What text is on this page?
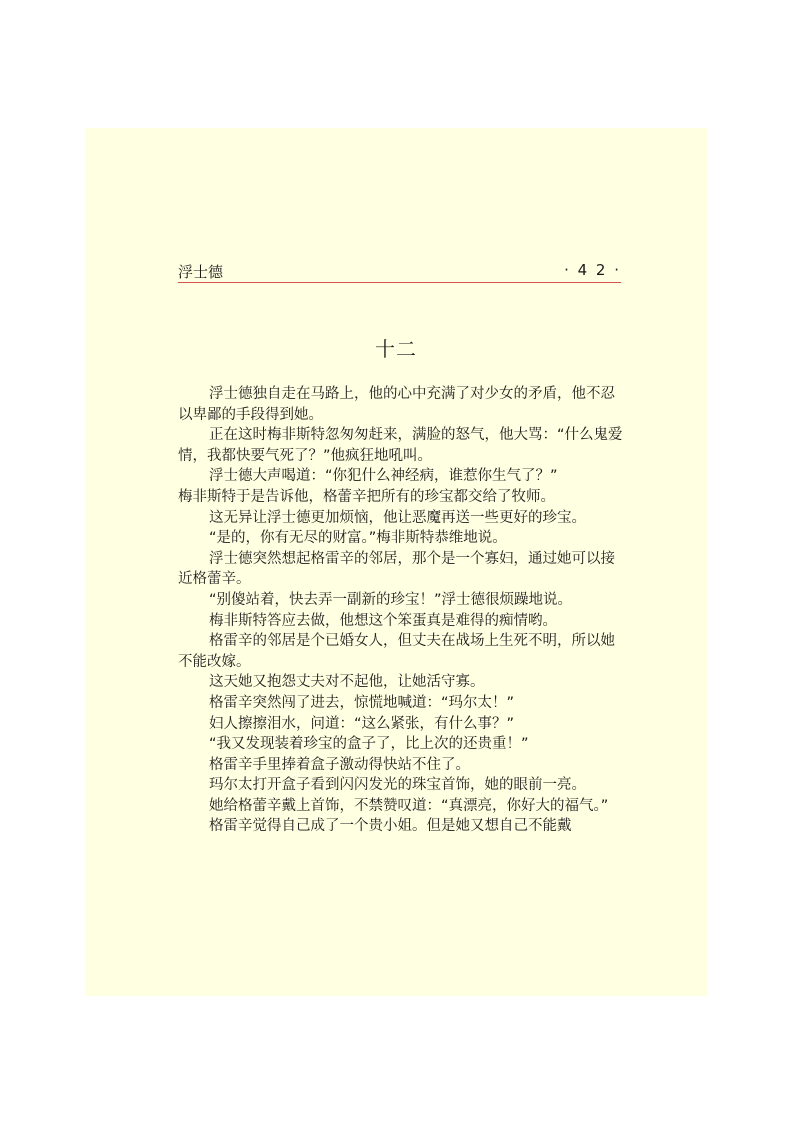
浮士德	· 4 2 ·
十二

浮士德独自走在马路上，他的心中充满了对少女的矛盾，他不忍以卑鄙的手段得到她。

正在这时梅非斯特忽匆匆赶来，满脸的怒气，他大骂：“什么鬼爱情，我都快要气死了？”他疯狂地吼叫。

浮士德大声喝道：“你犯什么神经病，谁惹你生气了？”

梅非斯特于是告诉他，格蕾辛把所有的珍宝都交给了牧师。

这无异让浮士德更加烦恼，他让恶魔再送一些更好的珍宝。

“是的，你有无尽的财富。”梅非斯特恭维地说。

浮士德突然想起格雷辛的邻居，那个是一个寡妇，通过她可以接近格蕾辛。

“别傻站着，快去弄一副新的珍宝！”浮士德很烦躁地说。

梅非斯特答应去做，他想这个笨蛋真是难得的痴情哟。

格雷辛的邻居是个已婚女人，但丈夫在战场上生死不明，所以她不能改嫁。

这天她又抱怨丈夫对不起他，让她活守寡。

格雷辛突然闯了进去，惊慌地喊道：“玛尔太！”

妇人擦擦泪水，问道：“这么紧张，有什么事？”

“我又发现装着珍宝的盒子了，比上次的还贵重！”

格雷辛手里捧着盒子激动得快站不住了。

玛尔太打开盒子看到闪闪发光的珠宝首饰，她的眼前一亮。

她给格蕾辛戴上首饰，不禁赞叹道：“真漂亮，你好大的福气。”

格雷辛觉得自己成了一个贵小姐。但是她又想自己不能戴
